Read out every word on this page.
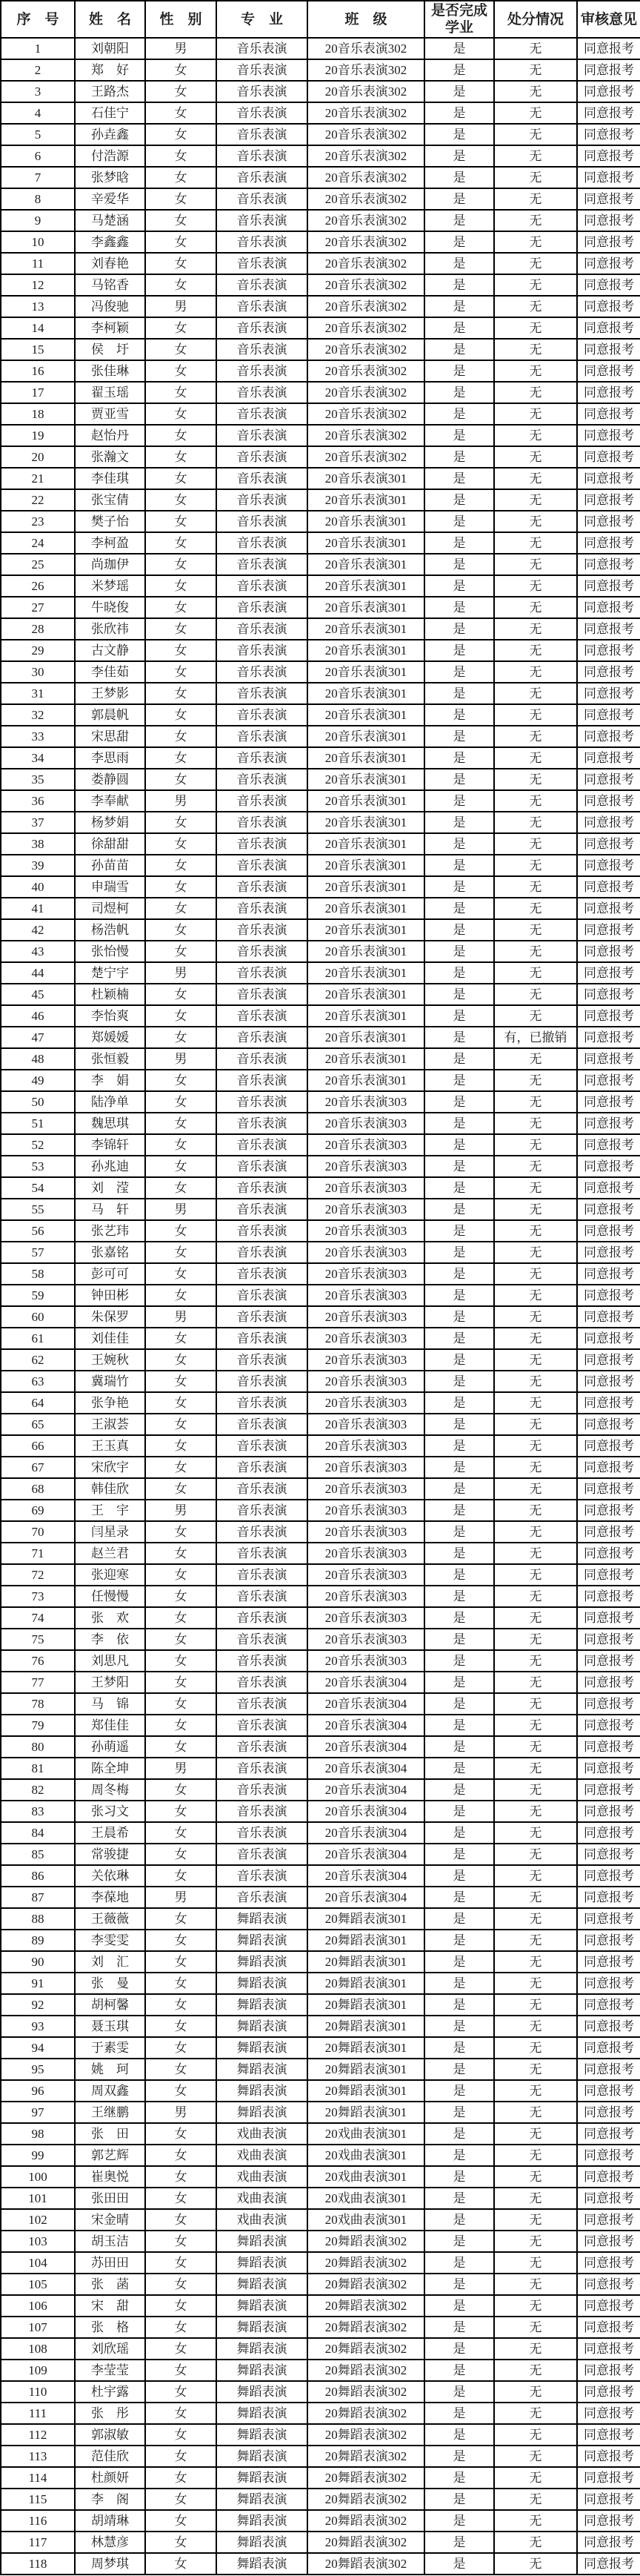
序　号	姓　名	性　别	专　业	班　级	是否完成学业	处分情况	审核意见
1	刘朝阳	男	音乐表演	20音乐表演302	是	无	同意报考
2	郑好	女	音乐表演	20音乐表演302	是	无	同意报考
3	王路杰	女	音乐表演	20音乐表演302	是	无	同意报考
4	石佳宁	女	音乐表演	20音乐表演302	是	无	同意报考
5	孙垚鑫	女	音乐表演	20音乐表演302	是	无	同意报考
6	付浩源	女	音乐表演	20音乐表演302	是	无	同意报考
7	张梦晗	女	音乐表演	20音乐表演302	是	无	同意报考
8	辛爱华	女	音乐表演	20音乐表演302	是	无	同意报考
9	马楚涵	女	音乐表演	20音乐表演302	是	无	同意报考
10	李鑫鑫	女	音乐表演	20音乐表演302	是	无	同意报考
11	刘春艳	女	音乐表演	20音乐表演302	是	无	同意报考
12	马铭香	女	音乐表演	20音乐表演302	是	无	同意报考
13	冯俊驰	男	音乐表演	20音乐表演302	是	无	同意报考
14	李柯颖	女	音乐表演	20音乐表演302	是	无	同意报考
15	侯圩	女	音乐表演	20音乐表演302	是	无	同意报考
16	张佳琳	女	音乐表演	20音乐表演302	是	无	同意报考
17	翟玉瑶	女	音乐表演	20音乐表演302	是	无	同意报考
18	贾亚雪	女	音乐表演	20音乐表演302	是	无	同意报考
19	赵怡丹	女	音乐表演	20音乐表演302	是	无	同意报考
20	张瀚文	女	音乐表演	20音乐表演302	是	无	同意报考
21	李佳琪	女	音乐表演	20音乐表演301	是	无	同意报考
22	张宝倩	女	音乐表演	20音乐表演301	是	无	同意报考
23	樊子怡	女	音乐表演	20音乐表演301	是	无	同意报考
24	李柯盈	女	音乐表演	20音乐表演301	是	无	同意报考
25	尚珈伊	女	音乐表演	20音乐表演301	是	无	同意报考
26	米梦瑶	女	音乐表演	20音乐表演301	是	无	同意报考
27	牛晓俊	女	音乐表演	20音乐表演301	是	无	同意报考
28	张欣祎	女	音乐表演	20音乐表演301	是	无	同意报考
29	古文静	女	音乐表演	20音乐表演301	是	无	同意报考
30	李佳茹	女	音乐表演	20音乐表演301	是	无	同意报考
31	王梦影	女	音乐表演	20音乐表演301	是	无	同意报考
32	郭晨帆	女	音乐表演	20音乐表演301	是	无	同意报考
33	宋思甜	女	音乐表演	20音乐表演301	是	无	同意报考
34	李思雨	女	音乐表演	20音乐表演301	是	无	同意报考
35	娄静圆	女	音乐表演	20音乐表演301	是	无	同意报考
36	李奉献	男	音乐表演	20音乐表演301	是	无	同意报考
37	杨梦娟	女	音乐表演	20音乐表演301	是	无	同意报考
38	徐甜甜	女	音乐表演	20音乐表演301	是	无	同意报考
39	孙苗苗	女	音乐表演	20音乐表演301	是	无	同意报考
40	申瑞雪	女	音乐表演	20音乐表演301	是	无	同意报考
41	司煜柯	女	音乐表演	20音乐表演301	是	无	同意报考
42	杨浩帆	女	音乐表演	20音乐表演301	是	无	同意报考
43	张怡慢	女	音乐表演	20音乐表演301	是	无	同意报考
44	楚宁宇	男	音乐表演	20音乐表演301	是	无	同意报考
45	杜颖楠	女	音乐表演	20音乐表演301	是	无	同意报考
46	李怡爽	女	音乐表演	20音乐表演301	是	无	同意报考
47	郑媛媛	女	音乐表演	20音乐表演301	是	有，已撤销	同意报考
48	张恒毅	男	音乐表演	20音乐表演301	是	无	同意报考
49	李娟	女	音乐表演	20音乐表演301	是	无	同意报考
50	陆净单	女	音乐表演	20音乐表演303	是	无	同意报考
51	魏思琪	女	音乐表演	20音乐表演303	是	无	同意报考
52	李锦轩	女	音乐表演	20音乐表演303	是	无	同意报考
53	孙兆迪	女	音乐表演	20音乐表演303	是	无	同意报考
54	刘滢	女	音乐表演	20音乐表演303	是	无	同意报考
55	马轩	男	音乐表演	20音乐表演303	是	无	同意报考
56	张艺玮	女	音乐表演	20音乐表演303	是	无	同意报考
57	张嘉铭	女	音乐表演	20音乐表演303	是	无	同意报考
58	彭可可	女	音乐表演	20音乐表演303	是	无	同意报考
59	钟田彬	女	音乐表演	20音乐表演303	是	无	同意报考
60	朱保罗	男	音乐表演	20音乐表演303	是	无	同意报考
61	刘佳佳	女	音乐表演	20音乐表演303	是	无	同意报考
62	王婉秋	女	音乐表演	20音乐表演303	是	无	同意报考
63	冀瑞竹	女	音乐表演	20音乐表演303	是	无	同意报考
64	张争艳	女	音乐表演	20音乐表演303	是	无	同意报考
65	王淑荟	女	音乐表演	20音乐表演303	是	无	同意报考
66	王玉真	女	音乐表演	20音乐表演303	是	无	同意报考
67	宋欣宇	女	音乐表演	20音乐表演303	是	无	同意报考
68	韩佳欣	女	音乐表演	20音乐表演303	是	无	同意报考
69	王宇	男	音乐表演	20音乐表演303	是	无	同意报考
70	闫星录	女	音乐表演	20音乐表演303	是	无	同意报考
71	赵兰君	女	音乐表演	20音乐表演303	是	无	同意报考
72	张迎寒	女	音乐表演	20音乐表演303	是	无	同意报考
73	任慢慢	女	音乐表演	20音乐表演303	是	无	同意报考
74	张欢	女	音乐表演	20音乐表演303	是	无	同意报考
75	李依	女	音乐表演	20音乐表演303	是	无	同意报考
76	刘思凡	女	音乐表演	20音乐表演303	是	无	同意报考
77	王梦阳	女	音乐表演	20音乐表演304	是	无	同意报考
78	马锦	女	音乐表演	20音乐表演304	是	无	同意报考
79	郑佳佳	女	音乐表演	20音乐表演304	是	无	同意报考
80	孙萌遥	女	音乐表演	20音乐表演304	是	无	同意报考
81	陈全坤	男	音乐表演	20音乐表演304	是	无	同意报考
82	周冬梅	女	音乐表演	20音乐表演304	是	无	同意报考
83	张习文	女	音乐表演	20音乐表演304	是	无	同意报考
84	王晨希	女	音乐表演	20音乐表演304	是	无	同意报考
85	常骏捷	女	音乐表演	20音乐表演304	是	无	同意报考
86	关依琳	女	音乐表演	20音乐表演304	是	无	同意报考
87	李葆地	男	音乐表演	20音乐表演304	是	无	同意报考
88	王薇薇	女	舞蹈表演	20舞蹈表演301	是	无	同意报考
89	李雯雯	女	舞蹈表演	20舞蹈表演301	是	无	同意报考
90	刘汇	女	舞蹈表演	20舞蹈表演301	是	无	同意报考
91	张曼	女	舞蹈表演	20舞蹈表演301	是	无	同意报考
92	胡柯馨	女	舞蹈表演	20舞蹈表演301	是	无	同意报考
93	聂玉琪	女	舞蹈表演	20舞蹈表演301	是	无	同意报考
94	于素雯	女	舞蹈表演	20舞蹈表演301	是	无	同意报考
95	姚珂	女	舞蹈表演	20舞蹈表演301	是	无	同意报考
96	周双鑫	女	舞蹈表演	20舞蹈表演301	是	无	同意报考
97	王继鹏	男	舞蹈表演	20舞蹈表演301	是	无	同意报考
98	张田	女	戏曲表演	20戏曲表演301	是	无	同意报考
99	郭艺辉	女	戏曲表演	20戏曲表演301	是	无	同意报考
100	崔奥悦	女	戏曲表演	20戏曲表演301	是	无	同意报考
101	张田田	女	戏曲表演	20戏曲表演301	是	无	同意报考
102	宋金晴	女	戏曲表演	20戏曲表演301	是	无	同意报考
103	胡玉洁	女	舞蹈表演	20舞蹈表演302	是	无	同意报考
104	苏田田	女	舞蹈表演	20舞蹈表演302	是	无	同意报考
105	张菡	女	舞蹈表演	20舞蹈表演302	是	无	同意报考
106	宋甜	女	舞蹈表演	20舞蹈表演302	是	无	同意报考
107	张格	女	舞蹈表演	20舞蹈表演302	是	无	同意报考
108	刘欣瑶	女	舞蹈表演	20舞蹈表演302	是	无	同意报考
109	李莹莹	女	舞蹈表演	20舞蹈表演302	是	无	同意报考
110	杜宇露	女	舞蹈表演	20舞蹈表演302	是	无	同意报考
111	张彤	女	舞蹈表演	20舞蹈表演302	是	无	同意报考
112	郭淑敏	女	舞蹈表演	20舞蹈表演302	是	无	同意报考
113	范佳欣	女	舞蹈表演	20舞蹈表演302	是	无	同意报考
114	杜颜妍	女	舞蹈表演	20舞蹈表演302	是	无	同意报考
115	李阁	女	舞蹈表演	20舞蹈表演302	是	无	同意报考
116	胡靖琳	女	舞蹈表演	20舞蹈表演302	是	无	同意报考
117	林慧彦	女	舞蹈表演	20舞蹈表演302	是	无	同意报考
118	周梦琪	女	舞蹈表演	20舞蹈表演302	是	无	同意报考
